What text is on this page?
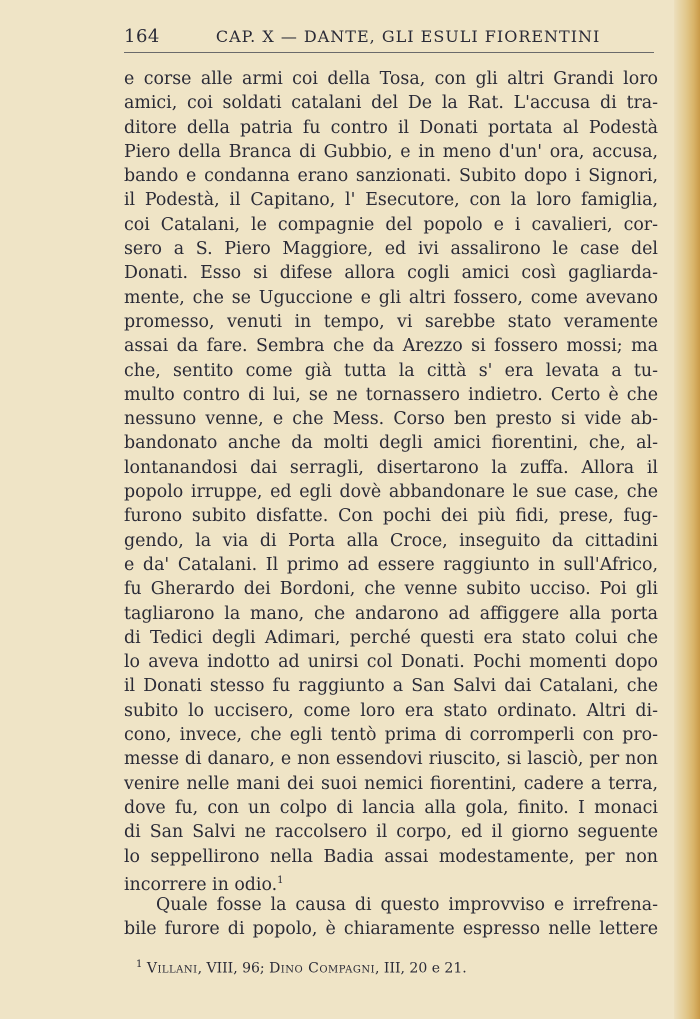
164	CAP. X — DANTE, GLI ESULI FIORENTINI
e corse alle armi coi della Tosa, con gli altri Grandi loro
amici, coi soldati catalani del De la Rat. L'accusa di tra-
ditore della patria fu contro il Donati portata al Podestà
Piero della Branca di Gubbio, e in meno d'un' ora, accusa,
bando e condanna erano sanzionati. Subito dopo i Signori,
il Podestà, il Capitano, l' Esecutore, con la loro famiglia,
coi Catalani, le compagnie del popolo e i cavalieri, cor-
sero a S. Piero Maggiore, ed ivi assalirono le case del
Donati. Esso si difese allora cogli amici così gagliarda-
mente, che se Uguccione e gli altri fossero, come avevano
promesso, venuti in tempo, vi sarebbe stato veramente
assai da fare. Sembra che da Arezzo si fossero mossi; ma
che, sentito come già tutta la città s' era levata a tu-
multo contro di lui, se ne tornassero indietro. Certo è che
nessuno venne, e che Mess. Corso ben presto si vide ab-
bandonato anche da molti degli amici fiorentini, che, al-
lontanandosi dai serragli, disertarono la zuffa. Allora il
popolo irruppe, ed egli dovè abbandonare le sue case, che
furono subito disfatte. Con pochi dei più fidi, prese, fug-
gendo, la via di Porta alla Croce, inseguito da cittadini
e da' Catalani. Il primo ad essere raggiunto in sull'Africo,
fu Gherardo dei Bordoni, che venne subito ucciso. Poi gli
tagliarono la mano, che andarono ad affiggere alla porta
di Tedici degli Adimari, perché questi era stato colui che
lo aveva indotto ad unirsi col Donati. Pochi momenti dopo
il Donati stesso fu raggiunto a San Salvi dai Catalani, che
subito lo uccisero, come loro era stato ordinato. Altri di-
cono, invece, che egli tentò prima di corromperli con pro-
messe di danaro, e non essendovi riuscito, si lasciò, per non
venire nelle mani dei suoi nemici fiorentini, cadere a terra,
dove fu, con un colpo di lancia alla gola, finito. I monaci
di San Salvi ne raccolsero il corpo, ed il giorno seguente
lo seppellirono nella Badia assai modestamente, per non
incorrere in odio.$^1$
Quale fosse la causa di questo improvviso e irrefrena-
bile furore di popolo, è chiaramente espresso nelle lettere
$^1$ Villani, VIII, 96; Dino Compagni, III, 20 e 21.
